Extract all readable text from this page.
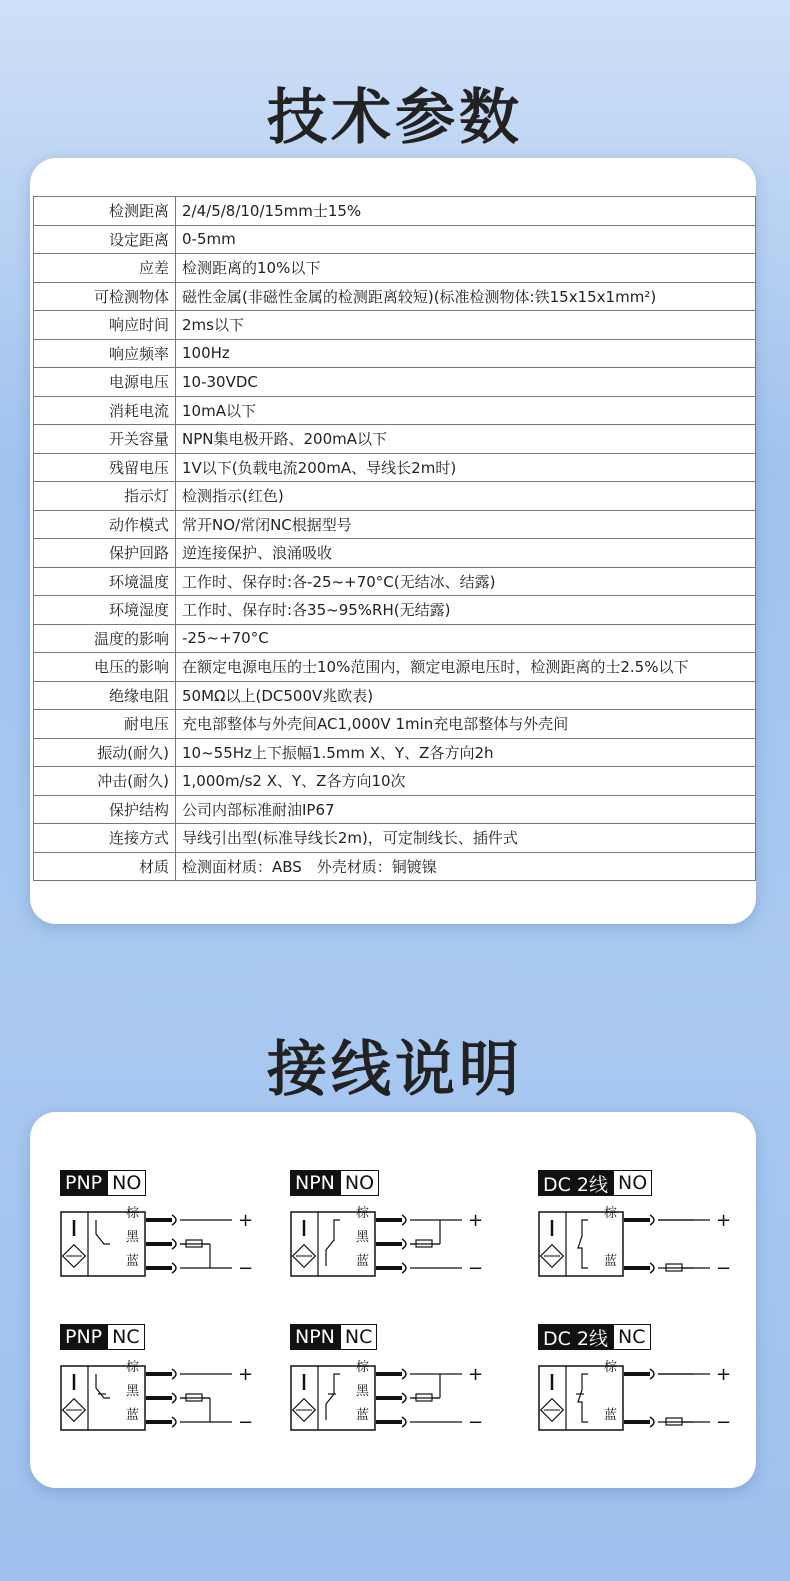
技术参数
检测距离	2/4/5/8/10/15mm士15%
设定距离	0-5mm
应差	检测距离的10%以下
可检测物体	磁性金属(非磁性金属的检测距离较短)(标准检测物体:铁15x15x1mm²)
响应时间	2ms以下
响应频率	100Hz
电源电压	10-30VDC
消耗电流	10mA以下
开关容量	NPN集电极开路、200mA以下
残留电压	1V以下(负载电流200mA、导线长2m时)
指示灯	检测指示(红色)
动作模式	常开NO/常闭NC根据型号
保护回路	逆连接保护、浪涌吸收
环境温度	工作时、保存时:各-25~+70°C(无结冰、结露)
环境湿度	工作时、保存时:各35~95%RH(无结露)
温度的影响	-25~+70°C
电压的影响	在额定电源电压的士10%范围内，额定电源电压时，检测距离的士2.5%以下
绝缘电阻	50MΩ以上(DC500V兆欧表)
耐电压	充电部整体与外壳间AC1,000V 1min充电部整体与外壳间
振动(耐久)	10~55Hz上下振幅1.5mm X、Y、Z各方向2h
冲击(耐久)	1,000m/s2 X、Y、Z各方向10次
保护结构	公司内部标准耐油IP67
连接方式	导线引出型(标准导线长2m)，可定制线长、插件式
材质	检测面材质：ABS　外壳材质：铜镀镍
接线说明
PNP NO
棕
黑
蓝
+
−
NPN NO
棕
黑
蓝
+
−
DC 2线 NO
棕
蓝
+
−
PNP NC
棕
黑
蓝
+
−
NPN NC
棕
黑
蓝
+
−
DC 2线 NC
棕
蓝
+
−
